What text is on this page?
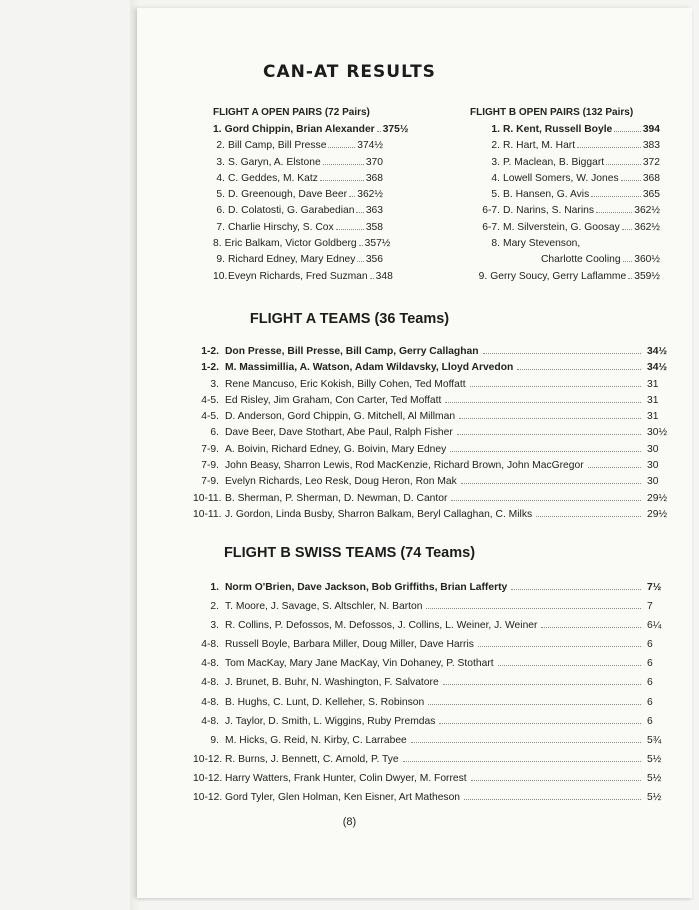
CAN-AT RESULTS
FLIGHT A OPEN PAIRS (72 Pairs)
1. Gord Chippin, Brian Alexander 375½
2. Bill Camp, Bill Presse	374½
3. S. Garyn, A. Elstone	370
4. C. Geddes, M. Katz	368
5. D. Greenough, Dave Beer 362½
6. D. Colatosti, G. Garabedian 363
7. Charlie Hirschy, S. Cox	358
8. Eric Balkam, Victor Goldberg 357½
9. Richard Edney, Mary Edney 356
10. Eveyn Richards, Fred Suzman 348
FLIGHT B OPEN PAIRS (132 Pairs)
1. R. Kent, Russell Boyle	394
2. R. Hart, M. Hart	383
3. P. Maclean, B. Biggart	372
4. Lowell Somers, W. Jones 368
5. B. Hansen, G. Avis	365
6-7. D. Narins, S. Narins	362½
6-7. M. Silverstein, G. Goosay 362½
8. Mary Stevenson,
Charlotte Cooling 360½
9. Gerry Soucy, Gerry Laflamme 359½
FLIGHT A TEAMS (36 Teams)
1-2. Don Presse, Bill Presse, Bill Camp, Gerry Callaghan	34½
1-2. M. Massimillia, A. Watson, Adam Wildavsky, Lloyd Arvedon	34½
3. Rene Mancuso, Eric Kokish, Billy Cohen, Ted Moffatt	31
4-5. Ed Risley, Jim Graham, Con Carter, Ted Moffatt	31
4-5. D. Anderson, Gord Chippin, G. Mitchell, Al Millman	31
6. Dave Beer, Dave Stothart, Abe Paul, Ralph Fisher	30½
7-9. A. Boivin, Richard Edney, G. Boivin, Mary Edney	30
7-9. John Beasy, Sharron Lewis, Rod MacKenzie, Richard Brown, John MacGregor	30
7-9. Evelyn Richards, Leo Resk, Doug Heron, Ron Mak	30
10-11. B. Sherman, P. Sherman, D. Newman, D. Cantor	29½
10-11. J. Gordon, Linda Busby, Sharron Balkam, Beryl Callaghan, C. Milks	29½
FLIGHT B SWISS TEAMS (74 Teams)
1. Norm O'Brien, Dave Jackson, Bob Griffiths, Brian Lafferty	7½
2. T. Moore, J. Savage, S. Altschler, N. Barton	7
3. R. Collins, P. Defossos, M. Defossos, J. Collins, L. Weiner, J. Weiner	6¼
4-8. Russell Boyle, Barbara Miller, Doug Miller, Dave Harris	6
4-8. Tom MacKay, Mary Jane MacKay, Vin Dohaney, P. Stothart	6
4-8. J. Brunet, B. Buhr, N. Washington, F. Salvatore	6
4-8. B. Hughs, C. Lunt, D. Kelleher, S. Robinson	6
4-8. J. Taylor, D. Smith, L. Wiggins, Ruby Premdas	6
9. M. Hicks, G. Reid, N. Kirby, C. Larrabee	5¾
10-12. R. Burns, J. Bennett, C. Arnold, P. Tye	5½
10-12. Harry Watters, Frank Hunter, Colin Dwyer, M. Forrest	5½
10-12. Gord Tyler, Glen Holman, Ken Eisner, Art Matheson	5½
(8)
